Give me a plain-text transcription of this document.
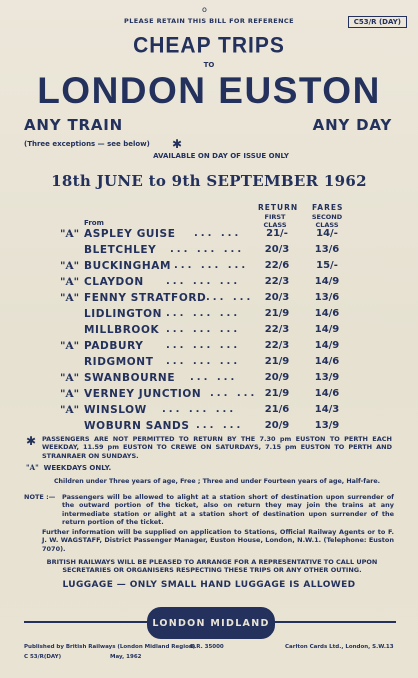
o
PLEASE RETAIN THIS BILL FOR REFERENCE	C53/R (DAY)
CHEAP TRIPS
TO
LONDON EUSTON
ANY TRAIN	ANY DAY
(Three exceptions — see below) ✱
AVAILABLE ON DAY OF ISSUE ONLY
18th JUNE to 9th SEPTEMBER 1962
RETURN FARES
FIRST CLASS
SECOND CLASS
From
"A" ASPLEY GUISE ... ...	21/-	14/-
BLETCHLEY ... ... ...	20/3	13/6
"A" BUCKINGHAM ... ... ...	22/6	15/-
"A" CLAYDON ... ... ...	22/3	14/9
"A" FENNY STRATFORD ... ...	20/3	13/6
LIDLINGTON ... ... ...	21/9	14/6
MILLBROOK ... ... ...	22/3	14/9
"A" PADBURY ... ... ...	22/3	14/9
RIDGMONT ... ... ...	21/9	14/6
"A" SWANBOURNE ... ...	20/9	13/9
"A" VERNEY JUNCTION ... ... 21/9	14/6
"A" WINSLOW ... ... ...	21/6	14/3
WOBURN SANDS ... ...	20/9	13/9
✱ PASSENGERS ARE NOT PERMITTED TO RETURN BY THE 7.30 pm EUSTON TO PERTH EACH WEEKDAY, 11.59 pm EUSTON TO CREWE ON SATURDAYS, 7.15 pm EUSTON TO PERTH AND STRANRAER ON SUNDAYS.
"A" WEEKDAYS ONLY.
Children under Three years of age, Free ; Three and under Fourteen years of age, Half-fare.
NOTE :— Passengers will be allowed to alight at a station short of destination upon surrender of the outward portion of the ticket, also on return they may join the trains at any intermediate station or alight at a station short of destination upon surrender of the return portion of the ticket.
Further information will be supplied on application to Stations, Official Railway Agents or to F. J. W. WAGSTAFF, District Passenger Manager, Euston House, London, N.W.1. (Telephone: Euston 7070).
BRITISH RAILWAYS WILL BE PLEASED TO ARRANGE FOR A REPRESENTATIVE TO CALL UPON SECRETARIES OR ORGANISERS RESPECTING THESE TRIPS OR ANY OTHER OUTING.
LUGGAGE — ONLY SMALL HAND LUGGAGE IS ALLOWED
LONDON MIDLAND
Published by British Railways (London Midland Region)
C 53/R(DAY)	May, 1962
B.R. 35000	Carlton Cards Ltd., London, S.W.13
